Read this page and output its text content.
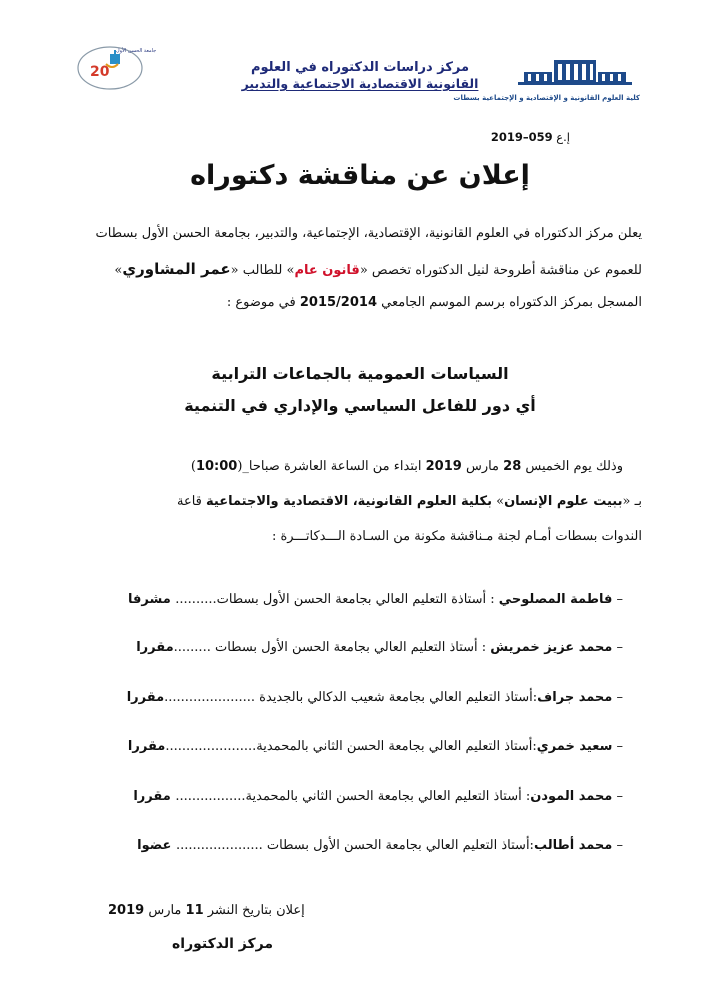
20
جامعة الحسن الأول
مركز دراسات الدكتوراه في العلوم
القانونية الاقتصادية الاجتماعية والتدبير
كلية العلوم القانونية و الإقتصادية و الإجتماعية بسطات
إ.ع 059–2019
إعلان عن مناقشة دكتوراه
يعلن مركز الدكتوراه في العلوم القانونية، الإقتصادية، الإجتماعية، والتدبير، بجامعة الحسن الأول بسطات
للعموم عن مناقشة أطروحة لنيل الدكتوراه تخصص «قانون عام» للطالب «عمر المشاوري»
المسجل بمركز الدكتوراه برسم الموسم الجامعي 2015/2014 في موضوع :
السياسات العمومية بالجماعات الترابية
أي دور للفاعل السياسي والإداري في التنمية
وذلك يوم الخميس 28 مارس 2019 ابتداء من الساعة العاشرة صباحا_(10:00)
بـ «ببيت علوم الإنسان» بكلية العلوم القانونية، الاقتصادية والاجتماعية قاعة
الندوات بسطات أمـام لجنة مـناقشة مكونة من السـادة الـــدكاتـــرة :
– فاطمة المصلوحي : أستاذة التعليم العالي بجامعة الحسن الأول بسطات.......... مشرفا
– محمد عزيز خمريش : أستاذ التعليم العالي بجامعة الحسن الأول بسطات .........مقررا
– محمد جراف:أستاذ التعليم العالي بجامعة شعيب الدكالي بالجديدة ......................مقررا
– سعيد خمري:أستاذ التعليم العالي بجامعة الحسن الثاني بالمحمدية......................مقررا
– محمد المودن: أستاذ التعليم العالي بجامعة الحسن الثاني بالمحمدية................. مقررا
– محمد أطالب:أستاذ التعليم العالي بجامعة الحسن الأول بسطات ..................... عضوا
إعلان بتاريخ النشر 11 مارس 2019
مركز الدكتوراه
